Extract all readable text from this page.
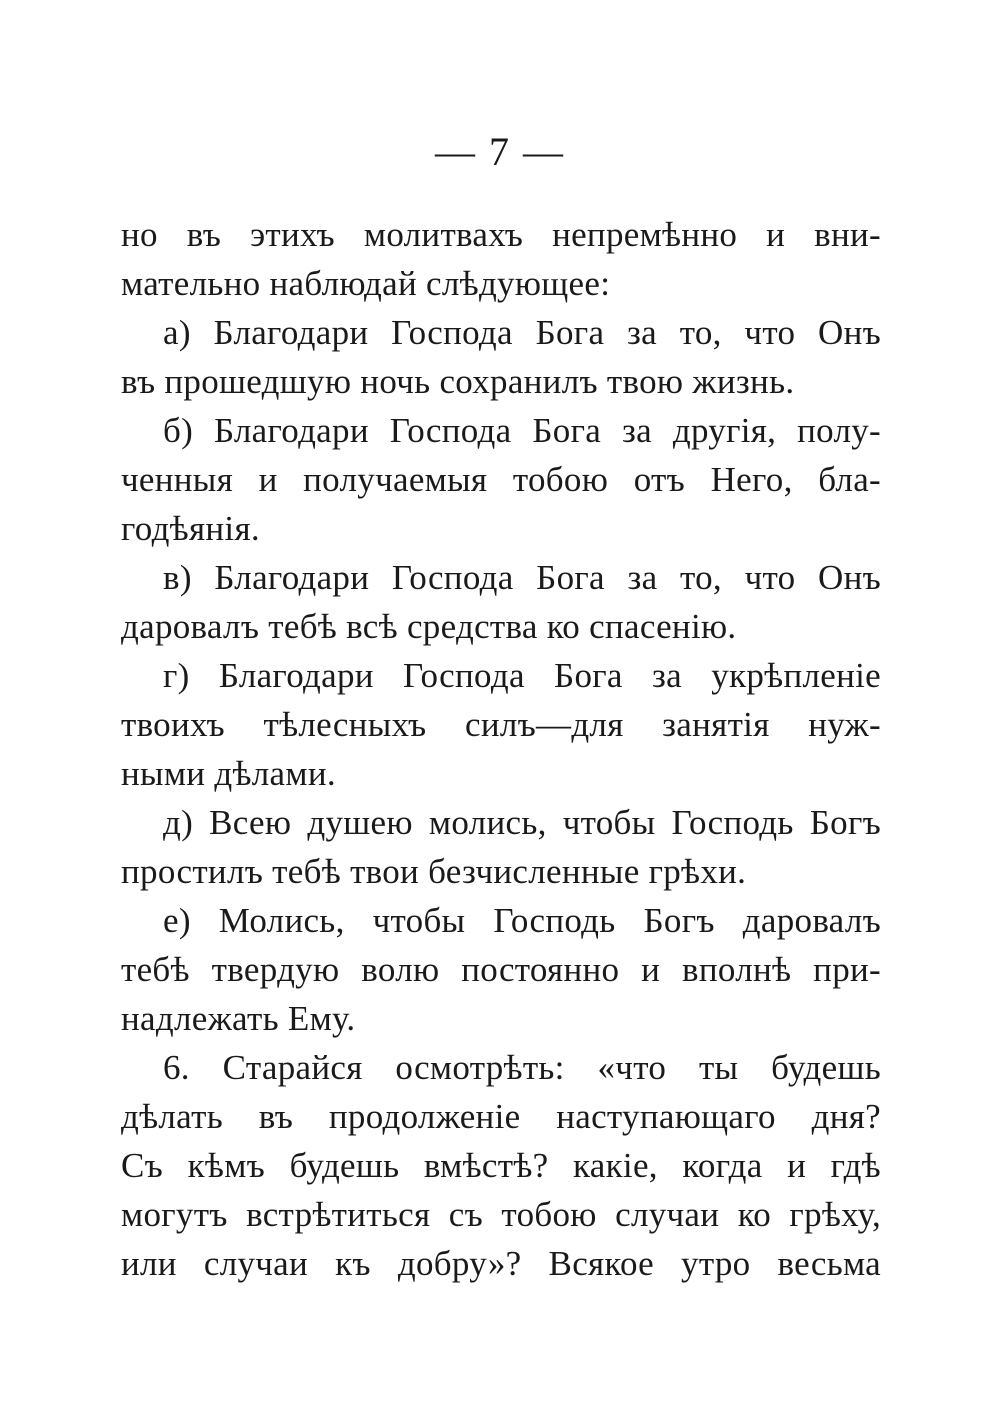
— 7 —
но въ этихъ молитвахъ непремѣнно и вни-
мательно наблюдай слѣдующее:
а) Благодари Господа Бога за то, что Онъ
въ прошедшую ночь сохранилъ твою жизнь.
б) Благодари Господа Бога за другія, полу-
ченныя и получаемыя тобою отъ Него, бла-
годѣянія.
в) Благодари Господа Бога за то, что Онъ
даровалъ тебѣ всѣ средства ко спасенію.
г) Благодари Господа Бога за укрѣпленіе
твоихъ тѣлесныхъ силъ—для занятія нуж-
ными дѣлами.
д) Всею душею молись, чтобы Господь Богъ
простилъ тебѣ твои безчисленные грѣхи.
е) Молись, чтобы Господь Богъ даровалъ
тебѣ твердую волю постоянно и вполнѣ при-
надлежать Ему.
6. Старайся осмотрѣть: «что ты будешь
дѣлать въ продолженіе наступающаго дня?
Съ кѣмъ будешь вмѣстѣ? какіе, когда и гдѣ
могутъ встрѣтиться съ тобою случаи ко грѣху,
или случаи къ добру»? Всякое утро весьма
